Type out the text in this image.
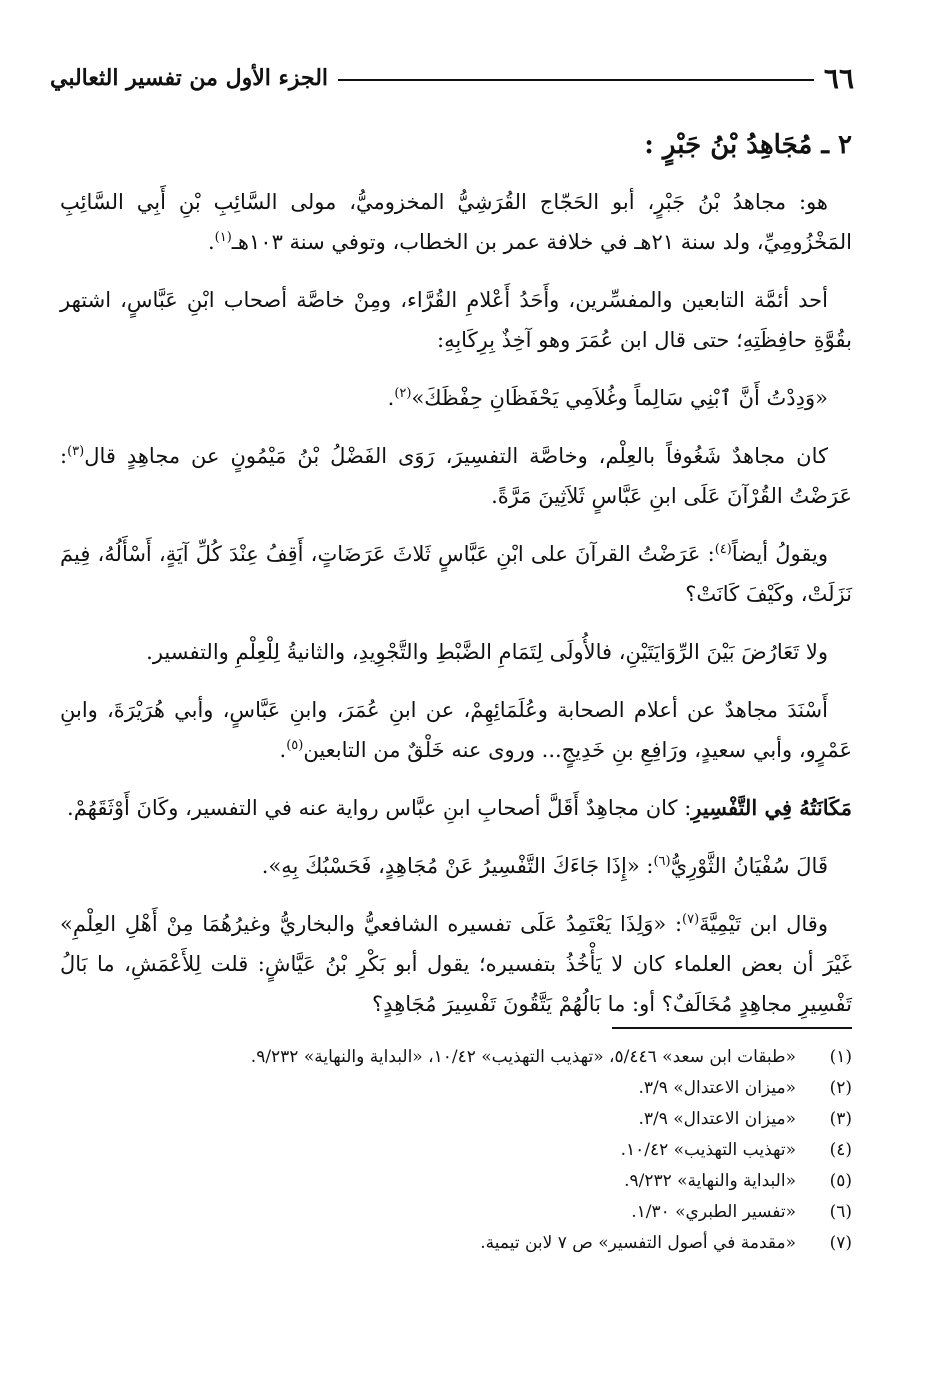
٦٦
الجزء الأول من تفسير الثعالبي
٢ ـ مُجَاهِدُ بْنُ جَبْرٍ :

هو: مجاهدُ بْنُ جَبْرٍ، أبو الحَجّاج القُرَشِيُّ المخزوميُّ، مولى السَّائِبِ بْنِ أَبِي السَّائِبِ المَخْزُومِيِّ، ولد سنة ٢١هـ في خلافة عمر بن الخطاب، وتوفي سنة ١٠٣هـ$^{(١)}$.

أحد أئمَّة التابعين والمفسِّرين، وأَحَدُ أَعْلامِ القُرَّاء، ومِنْ خاصَّة أصحاب ابْنِ عَبَّاسٍ، اشتهر بقُوَّةِ حافِظَتِهِ؛ حتى قال ابن عُمَرَ وهو آخِذٌ بِرِكَابِهِ:

«وَدِدْتُ أَنَّ ٱبْنِي سَالِماً وغُلاَمِي يَحْفَظَانِ حِفْظَكَ»$^{(٢)}$.

كان مجاهدٌ شَغُوفاً بالعِلْم، وخاصَّة التفسِيرَ، رَوَى الفَضْلُ بْنُ مَيْمُونٍ عن مجاهِدٍ قال$^{(٣)}$: عَرَضْتُ القُرْآنَ عَلَى ابنِ عَبَّاسٍ ثَلاَثِينَ مَرَّةً.

ويقولُ أيضاً$^{(٤)}$: عَرَضْتُ القرآنَ على ابْنِ عَبَّاسٍ ثَلاثَ عَرَضَاتٍ، أَقِفُ عِنْدَ كُلِّ آيَةٍ، أَسْأَلُهُ، فِيمَ نَزَلَتْ، وكَيْفَ كَانَتْ؟

ولا تَعَارُضَ بَيْنَ الرِّوَايَتَيْنِ، فالأُولَى لِتَمَامِ الضَّبْطِ والتَّجْوِيدِ، والثانيةُ لِلْعِلْمِ والتفسير.

أَسْنَدَ مجاهدٌ عن أعلام الصحابة وعُلَمَائِهِمْ، عن ابنِ عُمَرَ، وابنِ عَبَّاسٍ، وأبي هُرَيْرَةَ، وابنِ عَمْرٍو، وأبي سعيدٍ، ورَافِعِ بنِ خَدِيجٍ... وروى عنه خَلْقٌ من التابعين$^{(٥)}$.

مَكَانَتُهُ فِي التَّفْسِيرِ: كان مجاهِدٌ أَقَلَّ أصحابِ ابنِ عبَّاس رواية عنه في التفسير، وكَانَ أَوْثَقَهُمْ.

قَالَ سُفْيَانُ الثَّوْرِيُّ$^{(٦)}$: «إِذَا جَاءَكَ التَّفْسِيرُ عَنْ مُجَاهِدٍ، فَحَسْبُكَ بِهِ».

وقال ابن تَيْمِيَّةَ$^{(٧)}$: «وَلِذَا يَعْتَمِدُ عَلَى تفسيره الشافعيُّ والبخاريُّ وغيرُهُمَا مِنْ أَهْلِ العِلْمِ» غَيْرَ أن بعض العلماء كان لا يَأْخُذُ بتفسيره؛ يقول أبو بَكْرِ بْنُ عَيَّاشٍ: قلت لِلأَعْمَشِ، ما بَالُ تَفْسِيرِ مجاهِدٍ مُخَالَفٌ؟ أو: ما بَالُهُمْ يَتَّقُونَ تَفْسِيرَ مُجَاهِدٍ؟

(١)
«طبقات ابن سعد» ٥/٤٤٦، «تهذيب التهذيب» ١٠/٤٢، «البداية والنهاية» ٩/٢٣٢.
(٢)
«ميزان الاعتدال» ٣/٩.
(٣)
«ميزان الاعتدال» ٣/٩.
(٤)
«تهذيب التهذيب» ١٠/٤٢.
(٥)
«البداية والنهاية» ٩/٢٣٢.
(٦)
«تفسير الطبري» ١/٣٠.
(٧)
«مقدمة في أصول التفسير» ص ٧ لابن تيمية.
